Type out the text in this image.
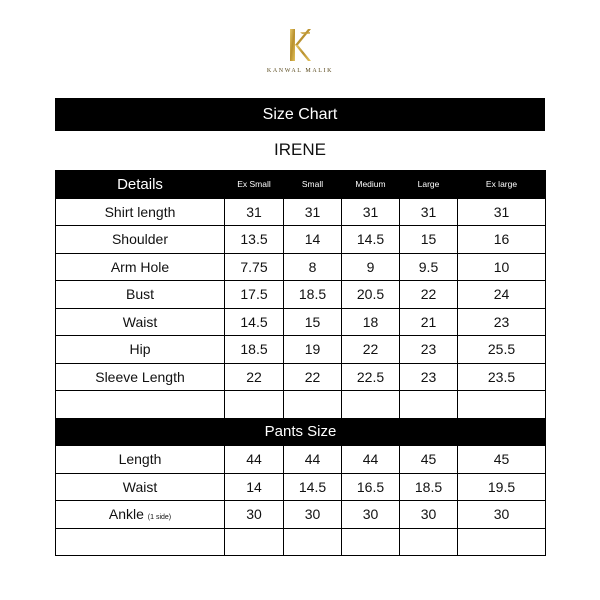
KANWAL MALIK
Size Chart
IRENE
Details	Ex Small	Small	Medium	Large	Ex large
Shirt length	31	31	31	31	31
Shoulder	13.5	14	14.5	15	16
Arm Hole	7.75	8	9	9.5	10
Bust	17.5	18.5	20.5	22	24
Waist	14.5	15	18	21	23
Hip	18.5	19	22	23	25.5
Sleeve Length	22	22	22.5	23	23.5

Pants Size					
Length	44	44	44	45	45
Waist	14	14.5	16.5	18.5	19.5
Ankle (1 side)	30	30	30	30	30
